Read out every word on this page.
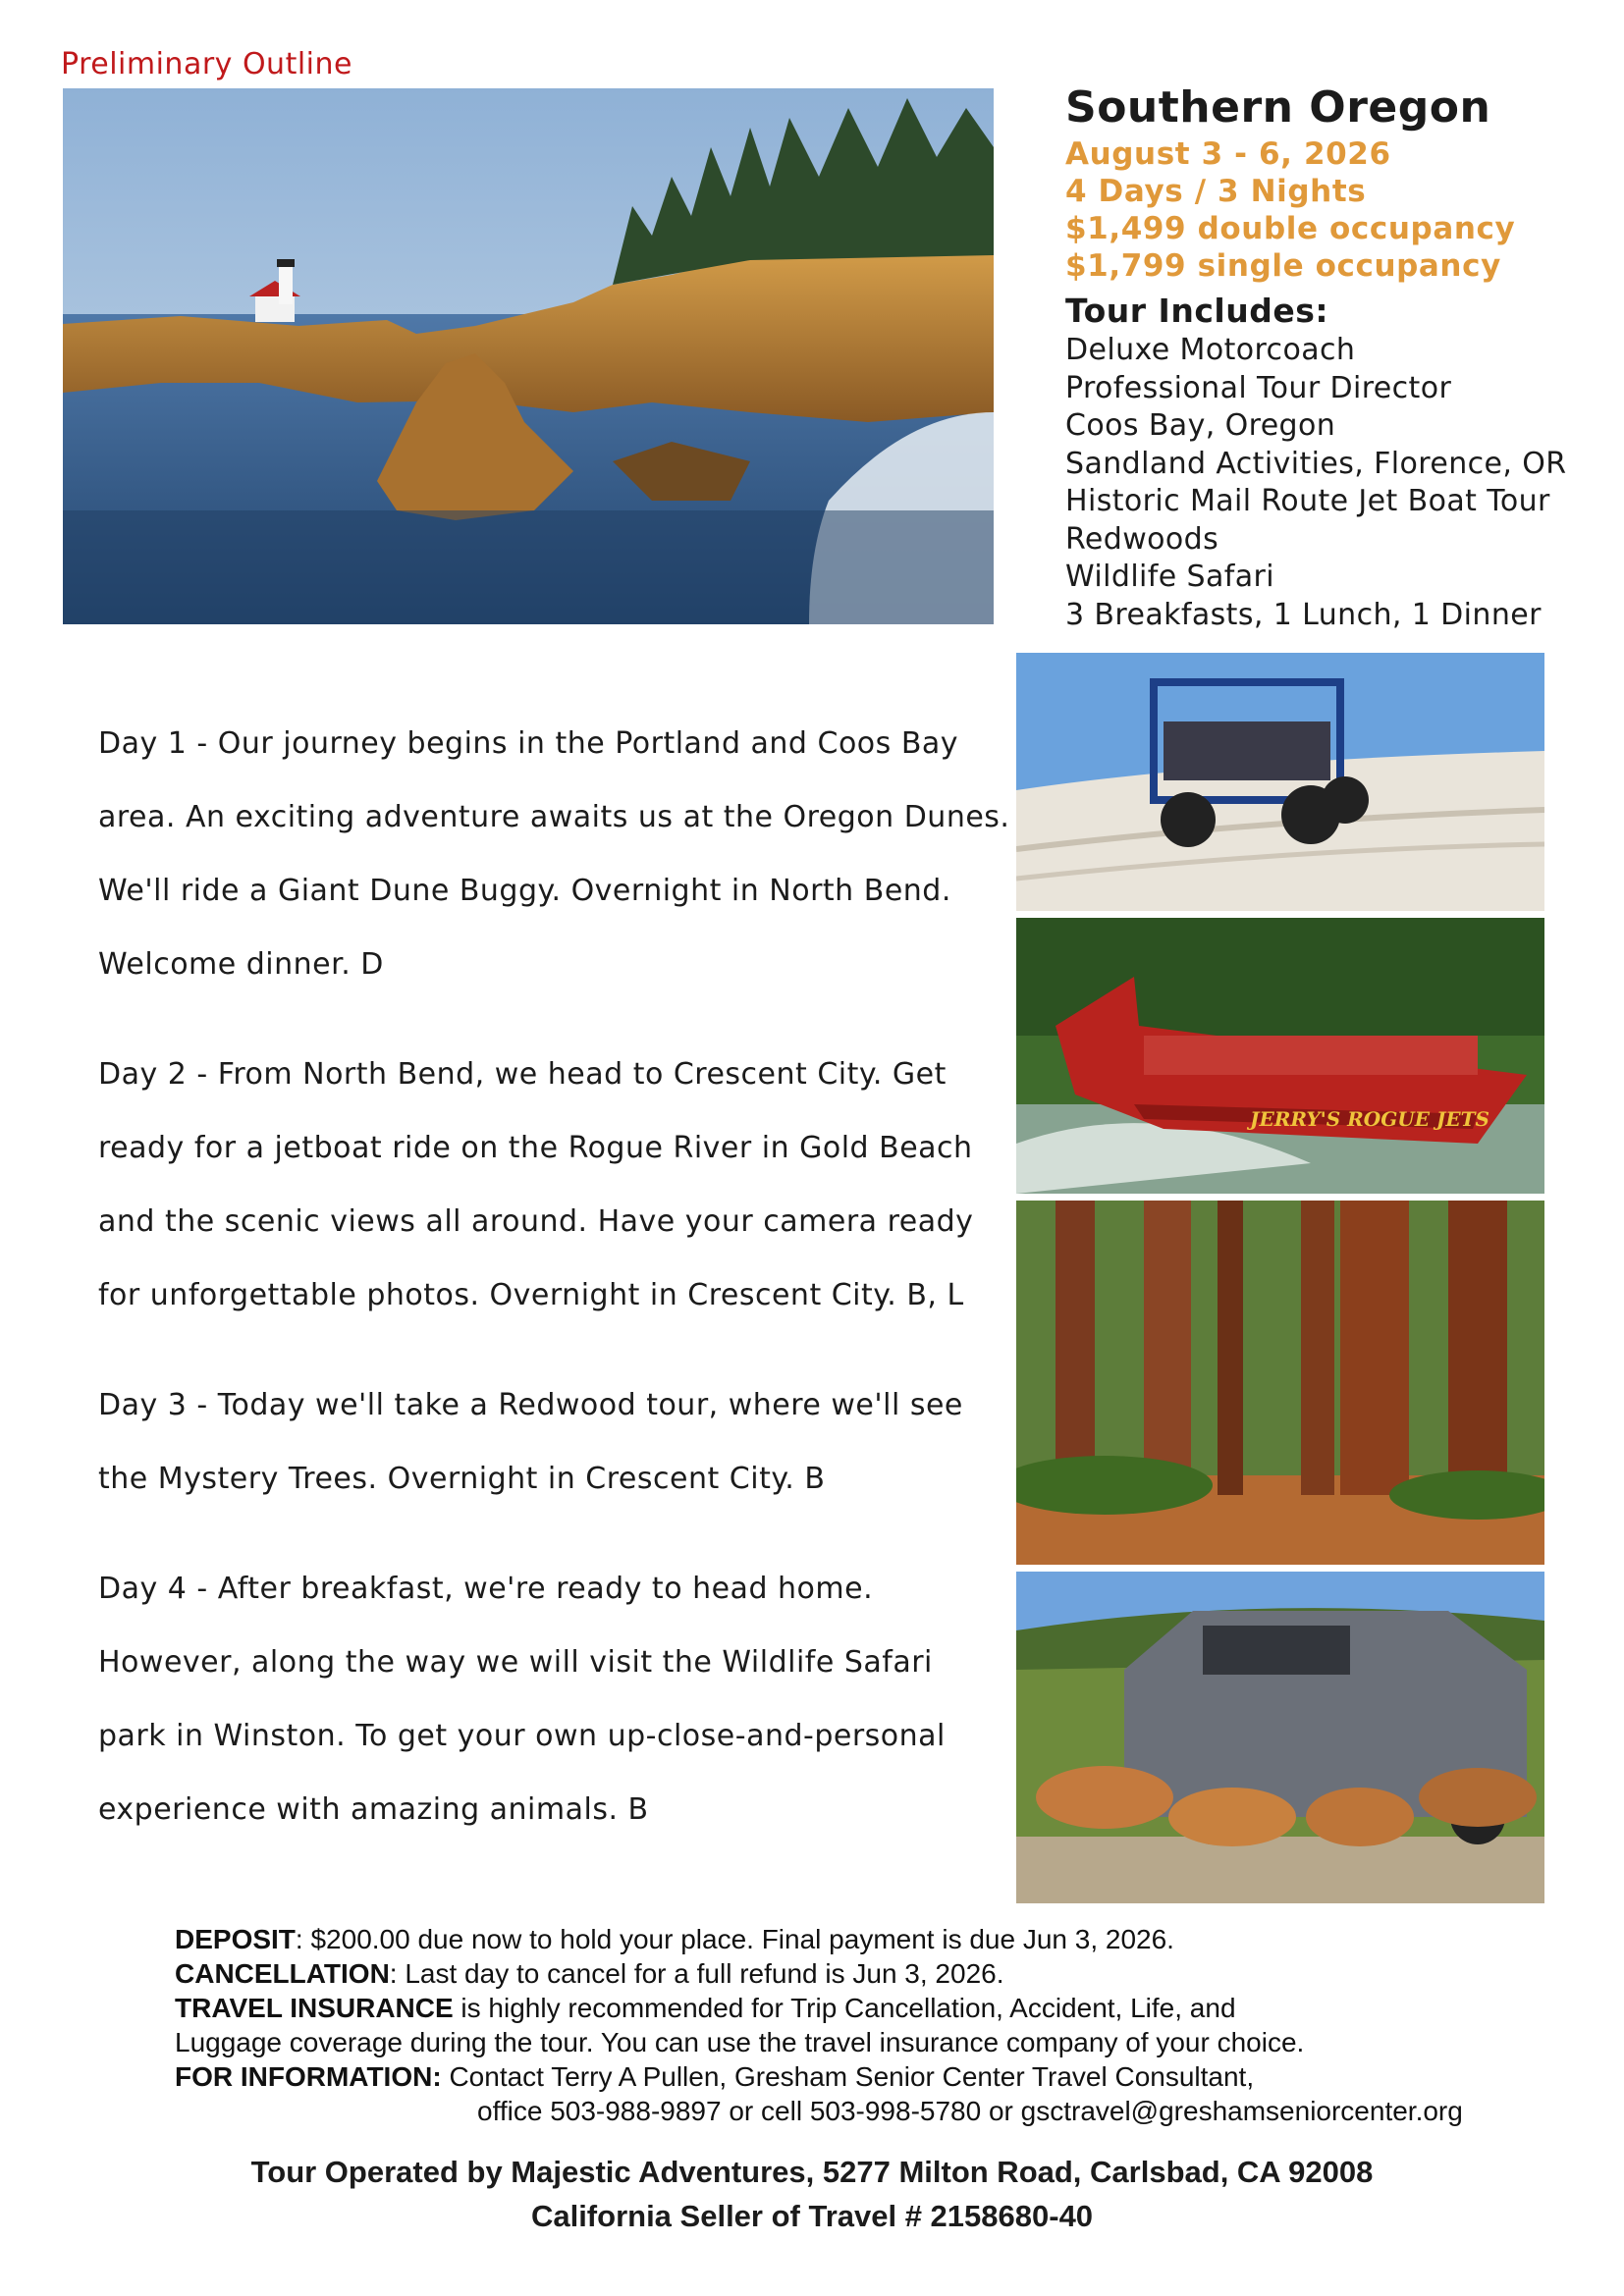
Preliminary Outline
Southern Oregon
August 3 - 6, 2026
4 Days / 3 Nights
$1,499 double occupancy
$1,799 single occupancy
Tour Includes:
Deluxe Motorcoach
Professional Tour Director
Coos Bay, Oregon
Sandland Activities, Florence, OR
Historic Mail Route Jet Boat Tour
Redwoods
Wildlife Safari
3 Breakfasts, 1 Lunch, 1 Dinner
Day 1 - Our journey begins in the Portland and Coos Bay
area. An exciting adventure awaits us at the Oregon Dunes.
We'll ride a Giant Dune Buggy. Overnight in North Bend.
Welcome dinner. D
Day 2 - From North Bend, we head to Crescent City. Get
ready for a jetboat ride on the Rogue River in Gold Beach
and the scenic views all around. Have your camera ready
for unforgettable photos. Overnight in Crescent City. B, L
Day 3 - Today we'll take a Redwood tour, where we'll see
the Mystery Trees. Overnight in Crescent City. B
Day 4 - After breakfast, we're ready to head home.
However, along the way we will visit the Wildlife Safari
park in Winston. To get your own up-close-and-personal
experience with amazing animals. B
JERRY'S ROGUE JETS
DEPOSIT: $200.00 due now to hold your place. Final payment is due Jun 3, 2026.
CANCELLATION: Last day to cancel for a full refund is Jun 3, 2026.
TRAVEL INSURANCE is highly recommended for Trip Cancellation, Accident, Life, and
Luggage coverage during the tour. You can use the travel insurance company of your choice.
FOR INFORMATION: Contact Terry A Pullen, Gresham Senior Center Travel Consultant,
office 503-988-9897 or cell 503-998-5780 or gsctravel@greshamseniorcenter.org
Tour Operated by Majestic Adventures, 5277 Milton Road, Carlsbad, CA 92008
California Seller of Travel # 2158680-40
